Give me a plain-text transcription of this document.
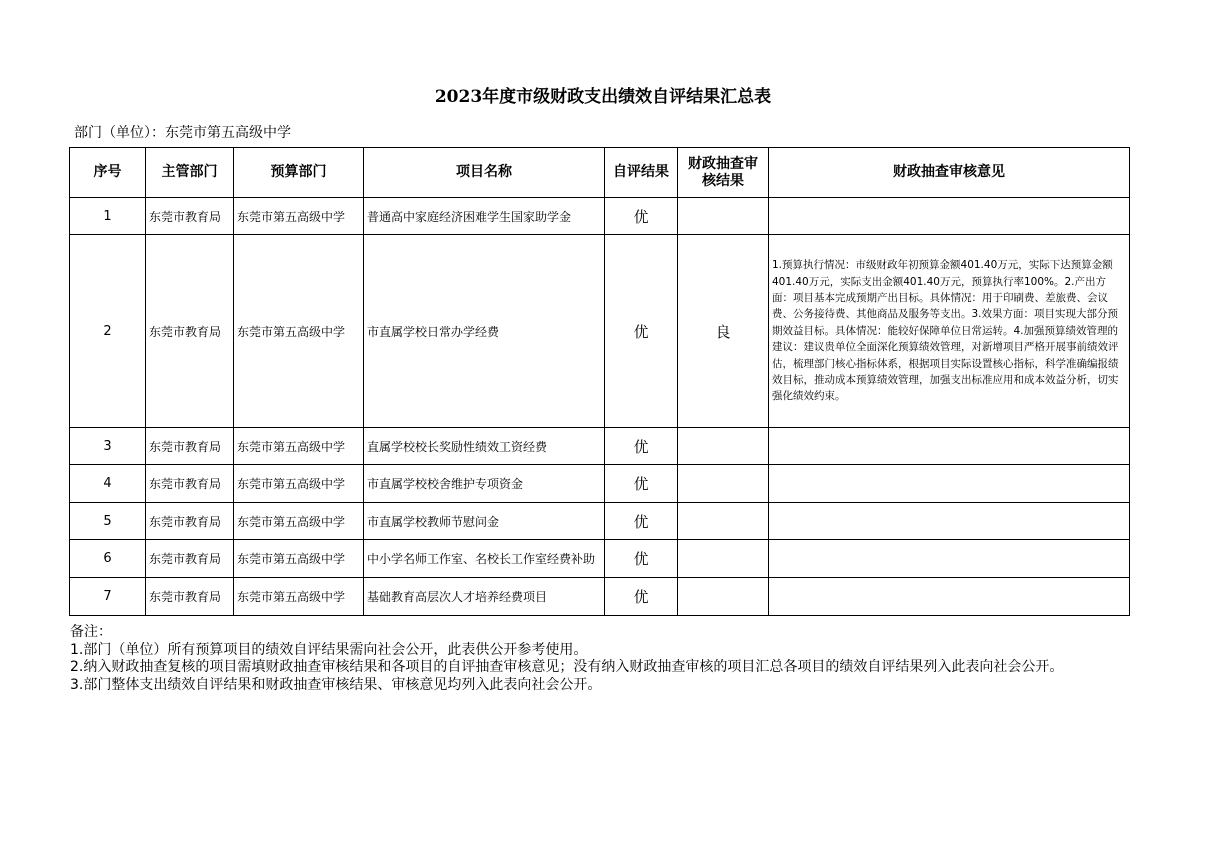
2023年度市级财政支出绩效自评结果汇总表
部门（单位）：东莞市第五高级中学
序号	主管部门	预算部门	项目名称	自评结果	财政抽查审核结果	财政抽查审核意见
1	东莞市教育局	东莞市第五高级中学	普通高中家庭经济困难学生国家助学金	优		
2	东莞市教育局	东莞市第五高级中学	市直属学校日常办学经费	优	良	1.预算执行情况：市级财政年初预算金额401.40万元，实际下达预算金额401.40万元，实际支出金额401.40万元，预算执行率100%。2.产出方面：项目基本完成预期产出目标。具体情况：用于印刷费、差旅费、会议费、公务接待费、其他商品及服务等支出。3.效果方面：项目实现大部分预期效益目标。具体情况：能较好保障单位日常运转。4.加强预算绩效管理的建议：建议贵单位全面深化预算绩效管理，对新增项目严格开展事前绩效评估，梳理部门核心指标体系，根据项目实际设置核心指标，科学准确编报绩效目标，推动成本预算绩效管理，加强支出标准应用和成本效益分析，切实强化绩效约束。
3	东莞市教育局	东莞市第五高级中学	直属学校校长奖励性绩效工资经费	优		
4	东莞市教育局	东莞市第五高级中学	市直属学校校舍维护专项资金	优		
5	东莞市教育局	东莞市第五高级中学	市直属学校教师节慰问金	优		
6	东莞市教育局	东莞市第五高级中学	中小学名师工作室、名校长工作室经费补助	优		
7	东莞市教育局	东莞市第五高级中学	基础教育高层次人才培养经费项目	优		
备注：
1.部门（单位）所有预算项目的绩效自评结果需向社会公开，此表供公开参考使用。
2.纳入财政抽查复核的项目需填财政抽查审核结果和各项目的自评抽查审核意见；没有纳入财政抽查审核的项目汇总各项目的绩效自评结果列入此表向社会公开。
3.部门整体支出绩效自评结果和财政抽查审核结果、审核意见均列入此表向社会公开。
